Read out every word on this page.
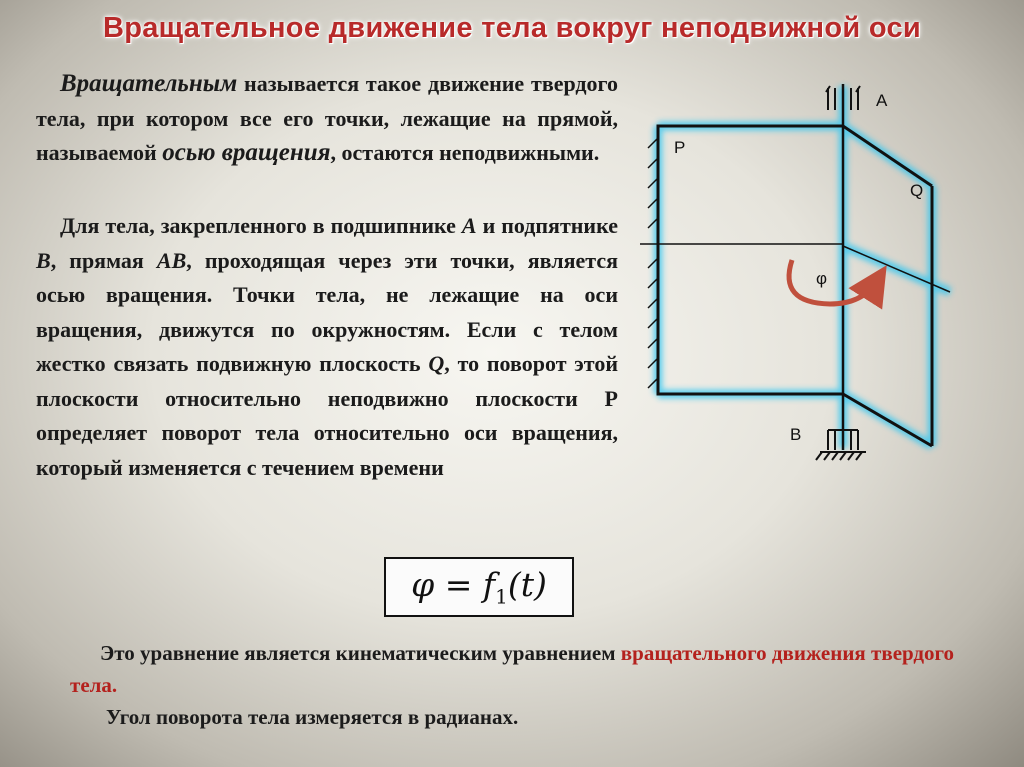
Вращательное движение тела вокруг неподвижной оси

Вращательным называется такое движение твердого тела, при котором все его точки, лежащие на прямой, называемой осью вращения, остаются неподвижными.

Для тела, закрепленного в подшипнике А и подпятнике В, прямая АВ, проходящая через эти точки, является осью вращения. Точки тела, не лежащие на оси вращения, движутся по окружностям. Если с телом жестко связать подвижную плоскость Q, то поворот этой плоскости относительно неподвижно плоскости Р определяет поворот тела относительно оси вращения, который изменяется с течением времени

$\varphi = f_1(t)$

Это уравнение является кинематическим уравнением вращательного движения твердого тела.

Угол поворота тела измеряется в радианах.

A
P
Q
φ
B
